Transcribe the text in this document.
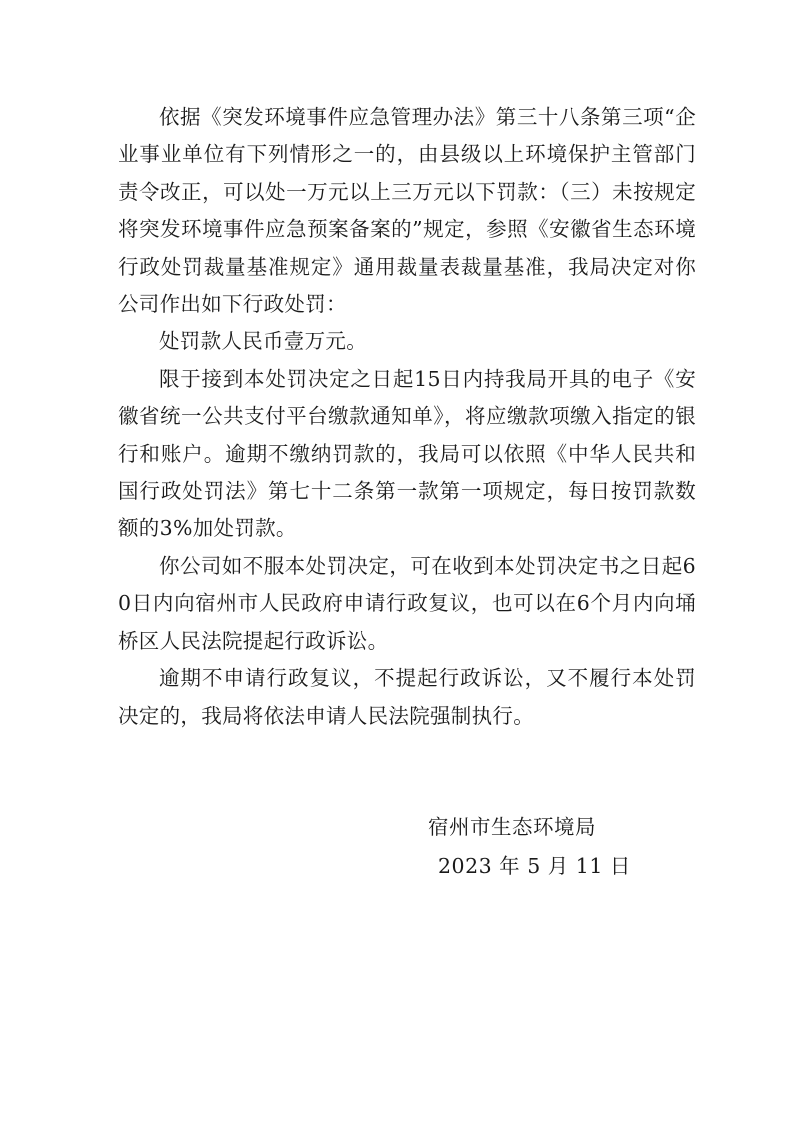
依据《突发环境事件应急管理办法》第三十八条第三项“企业事业单位有下列情形之一的，由县级以上环境保护主管部门责令改正，可以处一万元以上三万元以下罚款：（三）未按规定将突发环境事件应急预案备案的”规定，参照《安徽省生态环境行政处罚裁量基准规定》通用裁量表裁量基准，我局决定对你公司作出如下行政处罚：

处罚款人民币壹万元。

限于接到本处罚决定之日起15日内持我局开具的电子《安徽省统一公共支付平台缴款通知单》，将应缴款项缴入指定的银行和账户。逾期不缴纳罚款的，我局可以依照《中华人民共和国行政处罚法》第七十二条第一款第一项规定，每日按罚款数额的3%加处罚款。

你公司如不服本处罚决定，可在收到本处罚决定书之日起60日内向宿州市人民政府申请行政复议，也可以在6个月内向埇桥区人民法院提起行政诉讼。

逾期不申请行政复议，不提起行政诉讼，又不履行本处罚决定的，我局将依法申请人民法院强制执行。

宿州市生态环境局

2023 年 5 月 11 日
